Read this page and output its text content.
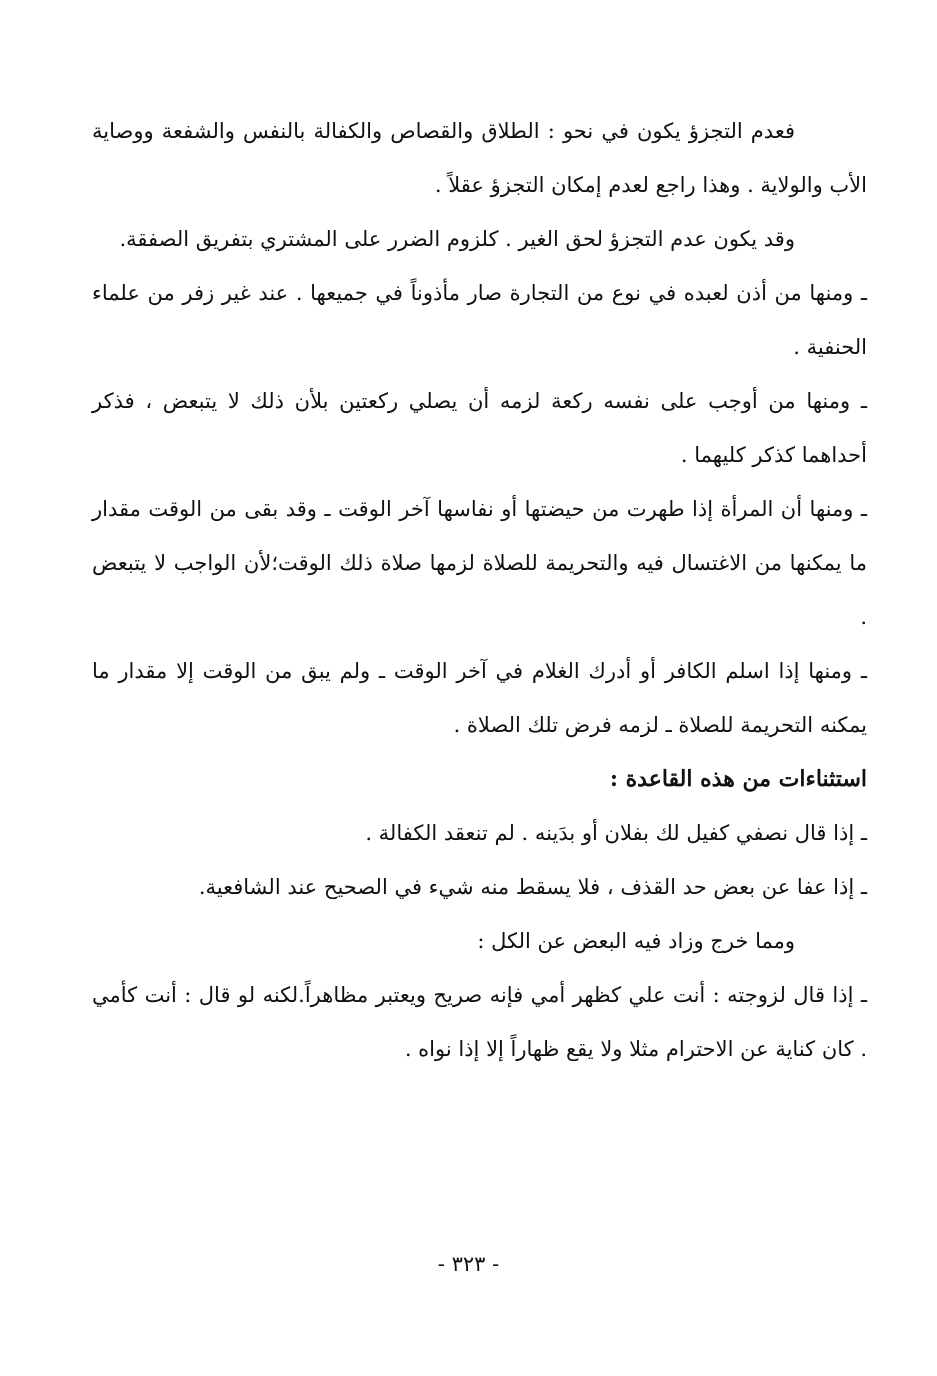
فعدم التجزؤ يكون في نحو : الطلاق والقصاص والكفالة بالنفس والشفعة ووصاية الأب والولاية . وهذا راجع لعدم إمكان التجزؤ عقلاً .

وقد يكون عدم التجزؤ لحق الغير . كلزوم الضرر على المشتري بتفريق الصفقة.

ـ ومنها من أذن لعبده في نوع من التجارة صار مأذوناً في جميعها . عند غير زفر من علماء الحنفية .

ـ ومنها من أوجب على نفسه ركعة لزمه أن يصلي ركعتين بلأن ذلك لا يتبعض ، فذكر أحداهما كذكر كليهما .

ـ ومنها أن المرأة إذا طهرت من حيضتها أو نفاسها آخر الوقت ـ وقد بقى من الوقت مقدار ما يمكنها من الاغتسال فيه والتحريمة للصلاة لزمها صلاة ذلك الوقت؛لأن الواجب لا يتبعض .

ـ ومنها إذا اسلم الكافر أو أدرك الغلام في آخر الوقت ـ ولم يبق من الوقت إلا مقدار ما يمكنه التحريمة للصلاة ـ لزمه فرض تلك الصلاة .

استثناءات من هذه القاعدة :

ـ إذا قال نصفي كفيل لك بفلان أو بدَينه . لم تنعقد الكفالة .

ـ إذا عفا عن بعض حد القذف ، فلا يسقط منه شيء في الصحيح عند الشافعية.

ومما خرج وزاد فيه البعض عن الكل :

ـ إذا قال لزوجته : أنت علي كظهر أمي فإنه صريح ويعتبر مظاهراً.لكنه لو قال : أنت كأمي . كان كناية عن الاحترام مثلا ولا يقع ظهاراً إلا إذا نواه .

- ٣٢٣ -
